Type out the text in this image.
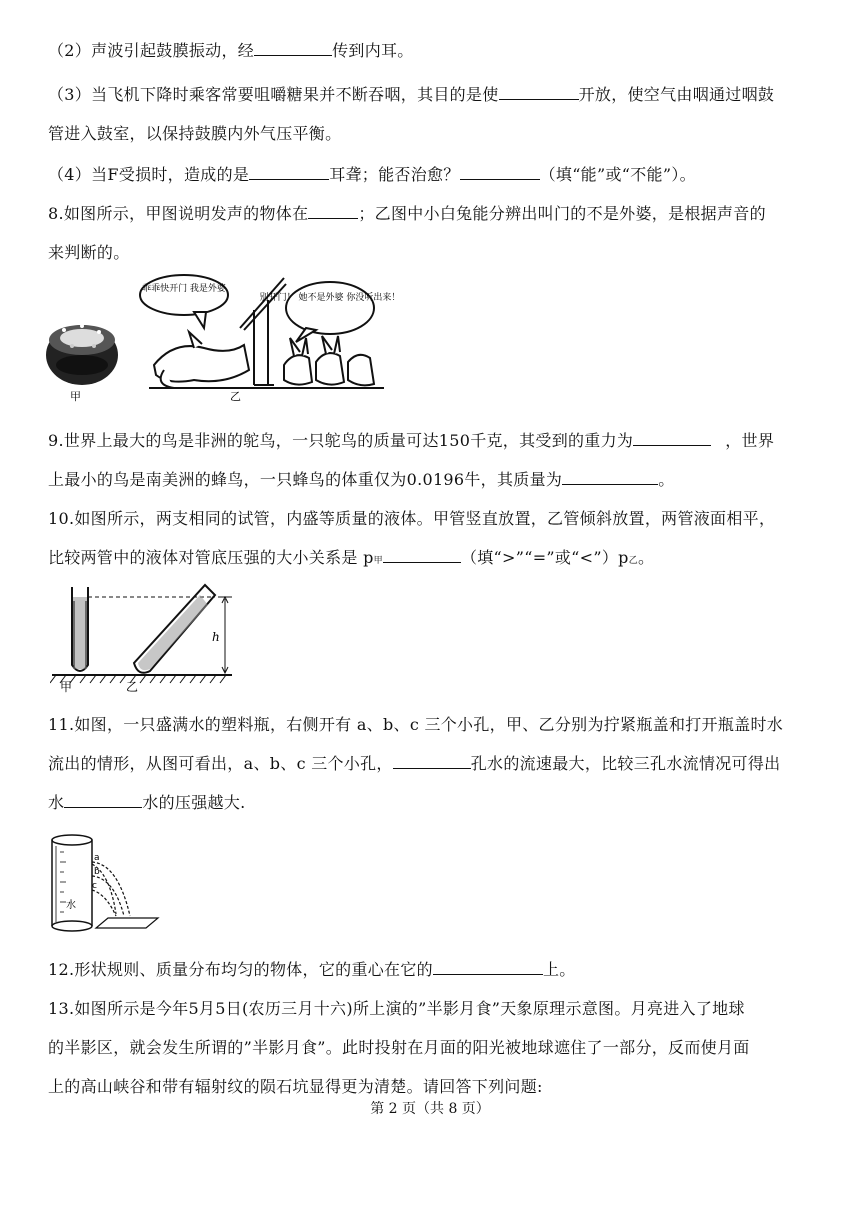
（2）声波引起鼓膜振动，经	传到内耳。
（3）当飞机下降时乘客常要咀嚼糖果并不断吞咽，其目的是使	开放，使空气由咽通过咽鼓
管进入鼓室，以保持鼓膜内外气压平衡。
（4）当F受损时，造成的是	耳聋；能否治愈？	（填“能”或“不能”）。
8.如图所示，甲图说明发声的物体在	；乙图中小白兔能分辨出叫门的不是外婆，是根据声音的
来判断的。
乖乖快开门 我是外婆
别开门！ 她不是外婆 你没听出来！
甲	乙
9.世界上最大的鸟是非洲的鸵鸟，一只鸵鸟的质量可达150千克，其受到的重力为	，世界
上最小的鸟是南美洲的蜂鸟，一只蜂鸟的体重仅为0.0196牛，其质量为	。
10.如图所示，两支相同的试管，内盛等质量的液体。甲管竖直放置，乙管倾斜放置，两管液面相平，
比较两管中的液体对管底压强的大小关系是 p甲	（填“>”“=”或“<”）p乙。
h
甲	乙
11.如图，一只盛满水的塑料瓶，右侧开有 a、b、c 三个小孔，甲、乙分别为拧紧瓶盖和打开瓶盖时水
流出的情形，从图可看出，a、b、c 三个小孔，	孔水的流速最大，比较三孔水流情况可得出
水	水的压强越大.
a
b
c
水
12.形状规则、质量分布均匀的物体，它的重心在它的	上。
13.如图所示是今年5月5日(农历三月十六)所上演的”半影月食”天象原理示意图。月亮进入了地球
的半影区，就会发生所谓的”半影月食”。此时投射在月面的阳光被地球遮住了一部分，反而使月面
上的高山峡谷和带有辐射纹的陨石坑显得更为清楚。请回答下列问题:
第 2 页（共 8 页）
